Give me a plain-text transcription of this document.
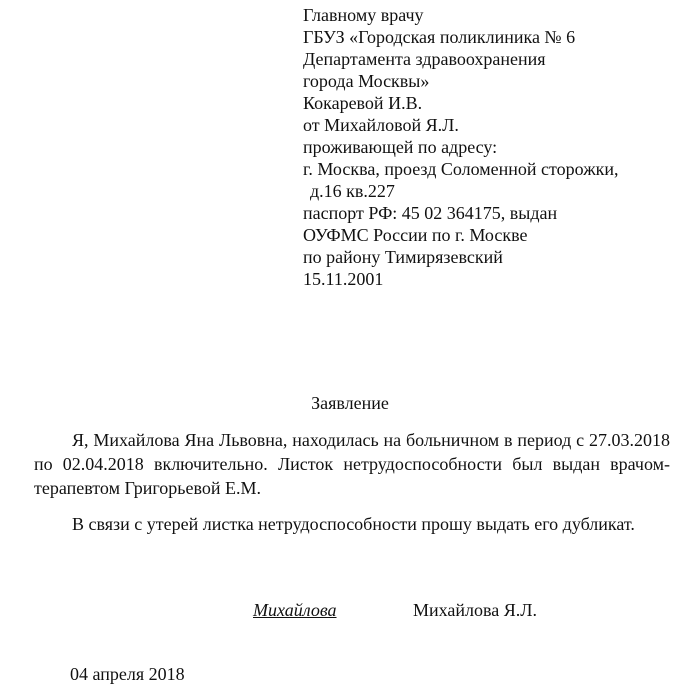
Главному врачу
ГБУЗ «Городская поликлиника № 6
Департамента здравоохранения
города Москвы»
Кокаревой И.В.
от Михайловой Я.Л.
проживающей по адресу:
г. Москва, проезд Соломенной сторожки,
д.16 кв.227
паспорт РФ: 45 02 364175, выдан
ОУФМС России по г. Москве
по району Тимирязевский
15.11.2001
Заявление

Я, Михайлова Яна Львовна, находилась на больничном в период с 27.03.2018 по 02.04.2018 включительно. Листок нетрудоспособности был выдан врачом-терапевтом Григорьевой Е.М.

В связи с утерей листка нетрудоспособности прошу выдать его дубликат.

Михайлова	Михайлова Я.Л.
04 апреля 2018
